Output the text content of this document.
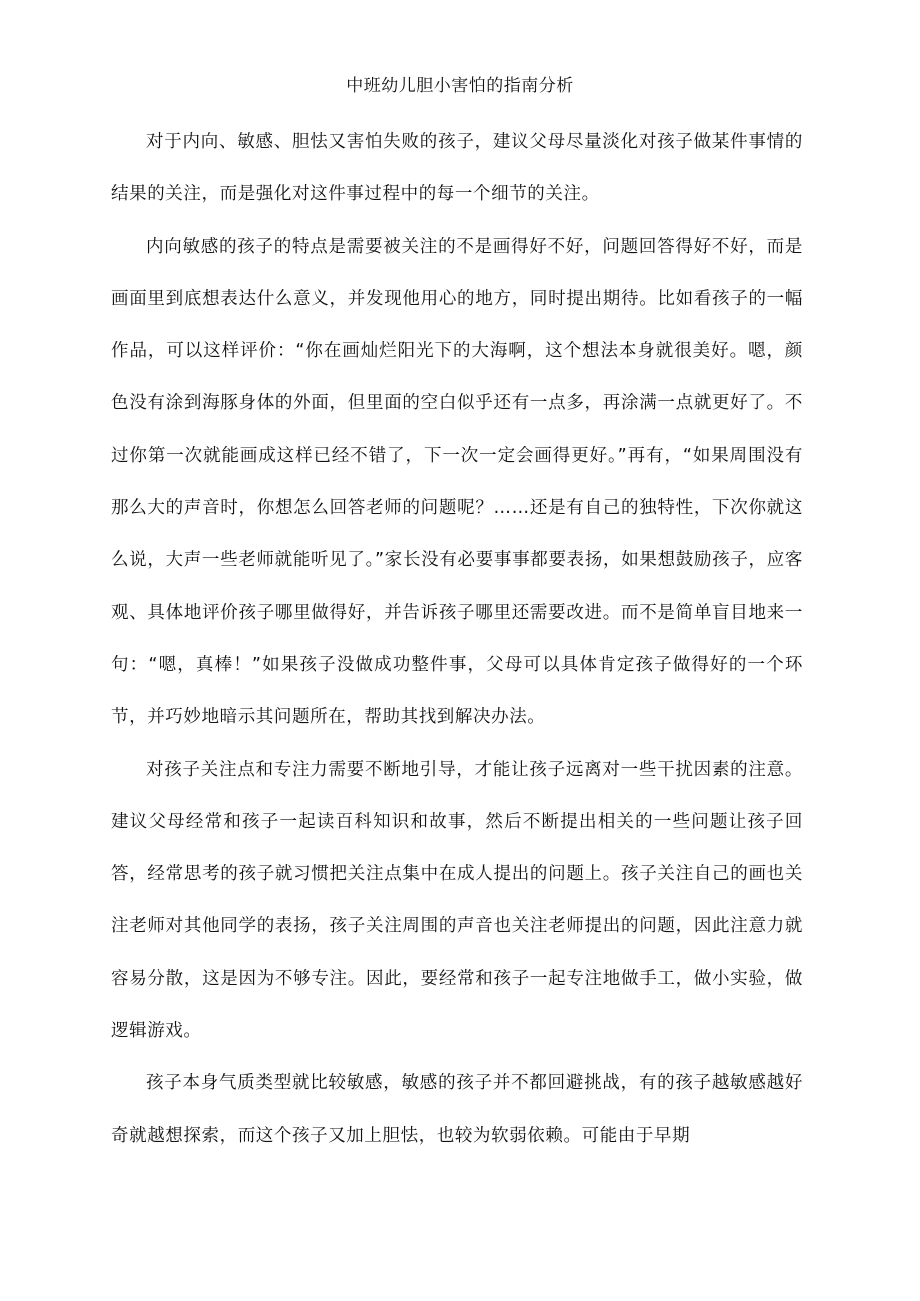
中班幼儿胆小害怕的指南分析

对于内向、敏感、胆怯又害怕失败的孩子，建议父母尽量淡化对孩子做某件事情的结果的关注，而是强化对这件事过程中的每一个细节的关注。

内向敏感的孩子的特点是需要被关注的不是画得好不好，问题回答得好不好，而是画面里到底想表达什么意义，并发现他用心的地方，同时提出期待。比如看孩子的一幅作品，可以这样评价：“你在画灿烂阳光下的大海啊，这个想法本身就很美好。嗯，颜色没有涂到海豚身体的外面，但里面的空白似乎还有一点多，再涂满一点就更好了。不过你第一次就能画成这样已经不错了，下一次一定会画得更好。”再有，“如果周围没有那么大的声音时，你想怎么回答老师的问题呢？……还是有自己的独特性，下次你就这么说，大声一些老师就能听见了。”家长没有必要事事都要表扬，如果想鼓励孩子，应客观、具体地评价孩子哪里做得好，并告诉孩子哪里还需要改进。而不是简单盲目地来一句：“嗯，真棒！”如果孩子没做成功整件事，父母可以具体肯定孩子做得好的一个环节，并巧妙地暗示其问题所在，帮助其找到解决办法。

对孩子关注点和专注力需要不断地引导，才能让孩子远离对一些干扰因素的注意。建议父母经常和孩子一起读百科知识和故事，然后不断提出相关的一些问题让孩子回答，经常思考的孩子就习惯把关注点集中在成人提出的问题上。孩子关注自己的画也关注老师对其他同学的表扬，孩子关注周围的声音也关注老师提出的问题，因此注意力就容易分散，这是因为不够专注。因此，要经常和孩子一起专注地做手工，做小实验，做逻辑游戏。

孩子本身气质类型就比较敏感，敏感的孩子并不都回避挑战，有的孩子越敏感越好奇就越想探索，而这个孩子又加上胆怯，也较为软弱依赖。可能由于早期
